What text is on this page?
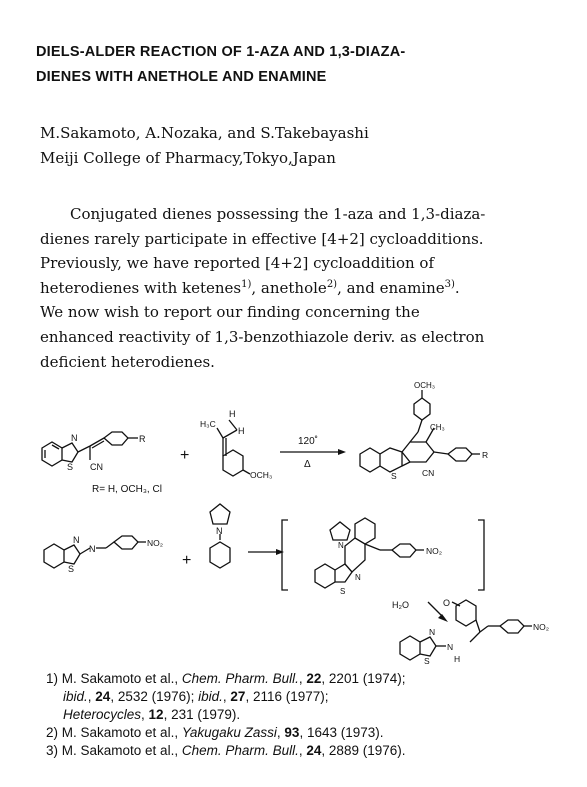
DIELS-ALDER REACTION OF 1-AZA AND 1,3-DIAZA-
DIENES WITH ANETHOLE AND ENAMINE
M.Sakamoto, A.Nozaka, and S.Takebayashi
Meiji College of Pharmacy,Tokyo,Japan
Conjugated dienes possessing the 1-aza and 1,3-diaza-
dienes rarely participate in effective [4+2] cycloadditions.
Previously, we have reported [4+2] cycloaddition of
heterodienes with ketenes$^{1)}$, anethole$^{2)}$, and enamine$^{3)}$.
We now wish to report our finding concerning the
enhanced reactivity of 1,3-benzothiazole deriv. as electron
deficient heterodienes.
N
S CN
R
R= H, OCH₃, Cl
+
H₃C
H
H
OCH₃
120˚
Δ
OCH₃
CH₃
S	CN
R
N
S
N
NO₂
+
N
N
S
N
NO₂
H₂O	O
NO₂
N
S
N
H
1) M. Sakamoto et al., Chem. Pharm. Bull., 22, 2201 (1974);
ibid., 24, 2532 (1976); ibid., 27, 2116 (1977);
Heterocycles, 12, 231 (1979).
2) M. Sakamoto et al., Yakugaku Zassi, 93, 1643 (1973).
3) M. Sakamoto et al., Chem. Pharm. Bull., 24, 2889 (1976).
